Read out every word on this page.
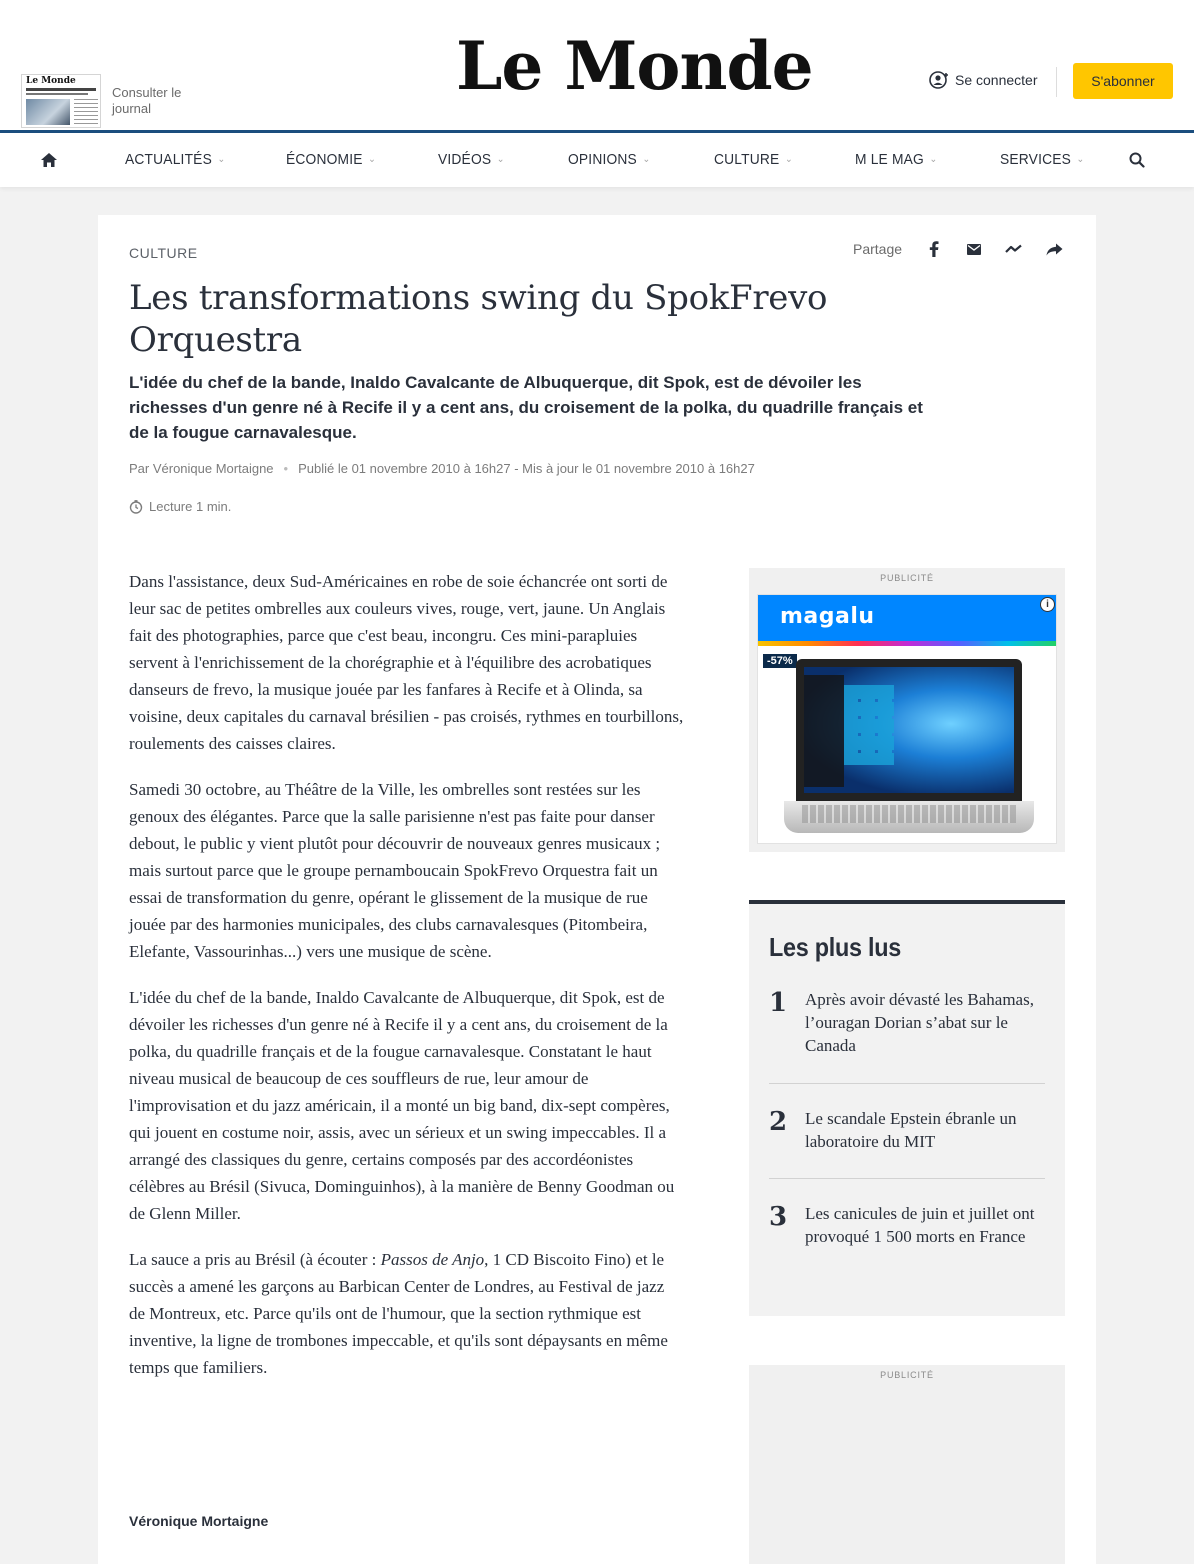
Le Monde
Consulter le journal
Le Monde	Se connecter	S'abonner
ACTUALITÉS ⌄	ÉCONOMIE ⌄	VIDÉOS ⌄	OPINIONS ⌄	CULTURE ⌄	M LE MAG ⌄	SERVICES ⌄
CULTURE	Partage
Les transformations swing du SpokFrevo Orquestra
L'idée du chef de la bande, Inaldo Cavalcante de Albuquerque, dit Spok, est de dévoiler les richesses d'un genre né à Recife il y a cent ans, du croisement de la polka, du quadrille français et de la fougue carnavalesque.
Par Véronique Mortaigne • Publié le 01 novembre 2010 à 16h27 - Mis à jour le 01 novembre 2010 à 16h27
Lecture 1 min.

Dans l'assistance, deux Sud-Américaines en robe de soie échancrée ont sorti de leur sac de petites ombrelles aux couleurs vives, rouge, vert, jaune. Un Anglais fait des photographies, parce que c'est beau, incongru. Ces mini-parapluies servent à l'enrichissement de la chorégraphie et à l'équilibre des acrobatiques danseurs de frevo, la musique jouée par les fanfares à Recife et à Olinda, sa voisine, deux capitales du carnaval brésilien - pas croisés, rythmes en tourbillons, roulements des caisses claires.

Samedi 30 octobre, au Théâtre de la Ville, les ombrelles sont restées sur les genoux des élégantes. Parce que la salle parisienne n'est pas faite pour danser debout, le public y vient plutôt pour découvrir de nouveaux genres musicaux ; mais surtout parce que le groupe pernamboucain SpokFrevo Orquestra fait un essai de transformation du genre, opérant le glissement de la musique de rue jouée par des harmonies municipales, des clubs carnavalesques (Pitombeira, Elefante, Vassourinhas...) vers une musique de scène.

L'idée du chef de la bande, Inaldo Cavalcante de Albuquerque, dit Spok, est de dévoiler les richesses d'un genre né à Recife il y a cent ans, du croisement de la polka, du quadrille français et de la fougue carnavalesque. Constatant le haut niveau musical de beaucoup de ces souffleurs de rue, leur amour de l'improvisation et du jazz américain, il a monté un big band, dix-sept compères, qui jouent en costume noir, assis, avec un sérieux et un swing impeccables. Il a arrangé des classiques du genre, certains composés par des accordéonistes célèbres au Brésil (Sivuca, Dominguinhos), à la manière de Benny Goodman ou de Glenn Miller.

La sauce a pris au Brésil (à écouter : Passos de Anjo, 1 CD Biscoito Fino) et le succès a amené les garçons au Barbican Center de Londres, au Festival de jazz de Montreux, etc. Parce qu'ils ont de l'humour, que la section rythmique est inventive, la ligne de trombones impeccable, et qu'ils sont dépaysants en même temps que familiers.

Véronique Mortaigne
PUBLICITÉ
magalu	i
-57%
Les plus lus
1	Après avoir dévasté les Bahamas, l’ouragan Dorian s’abat sur le Canada
2	Le scandale Epstein ébranle un laboratoire du MIT
3	Les canicules de juin et juillet ont provoqué 1 500 morts en France
PUBLICITÉ
